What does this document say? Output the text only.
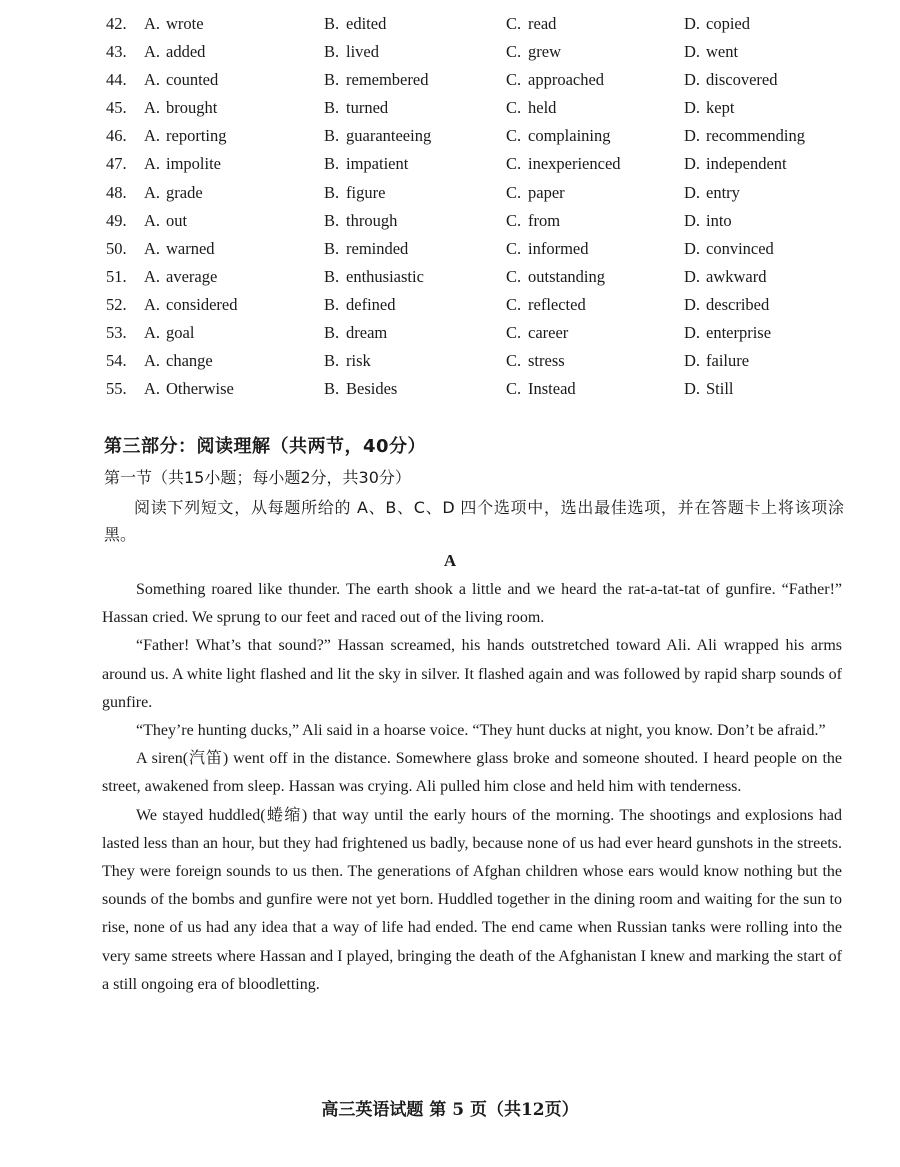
42.	A. wrote	B. edited	C. read	D. copied
43.	A. added	B. lived	C. grew	D. went
44.	A. counted	B. remembered	C. approached	D. discovered
45.	A. brought	B. turned	C. held	D. kept
46.	A. reporting	B. guaranteeing	C. complaining	D. recommending
47.	A. impolite	B. impatient	C. inexperienced	D. independent
48.	A. grade	B. figure	C. paper	D. entry
49.	A. out	B. through	C. from	D. into
50.	A. warned	B. reminded	C. informed	D. convinced
51.	A. average	B. enthusiastic	C. outstanding	D. awkward
52.	A. considered	B. defined	C. reflected	D. described
53.	A. goal	B. dream	C. career	D. enterprise
54.	A. change	B. risk	C. stress	D. failure
55.	A. Otherwise	B. Besides	C. Instead	D. Still
第三部分：阅读理解（共两节，40分）
第一节（共15小题；每小题2分，共30分）
阅读下列短文，从每题所给的 A、B、C、D 四个选项中，选出最佳选项，并在答题卡上将该项涂黑。
A

Something roared like thunder. The earth shook a little and we heard the rat-a-tat-tat of gunfire. “Father!” Hassan cried. We sprung to our feet and raced out of the living room.

“Father! What’s that sound?” Hassan screamed, his hands outstretched toward Ali. Ali wrapped his arms around us. A white light flashed and lit the sky in silver. It flashed again and was followed by rapid sharp sounds of gunfire.

“They’re hunting ducks,” Ali said in a hoarse voice. “They hunt ducks at night, you know. Don’t be afraid.”

A siren(汽笛) went off in the distance. Somewhere glass broke and someone shouted. I heard people on the street, awakened from sleep. Hassan was crying. Ali pulled him close and held him with tenderness.

We stayed huddled(蜷缩) that way until the early hours of the morning. The shootings and explosions had lasted less than an hour, but they had frightened us badly, because none of us had ever heard gunshots in the streets. They were foreign sounds to us then. The generations of Afghan children whose ears would know nothing but the sounds of the bombs and gunfire were not yet born. Huddled together in the dining room and waiting for the sun to rise, none of us had any idea that a way of life had ended. The end came when Russian tanks were rolling into the very same streets where Hassan and I played, bringing the death of the Afghanistan I knew and marking the start of a still ongoing era of bloodletting.

高三英语试题 第 5 页（共12页）
